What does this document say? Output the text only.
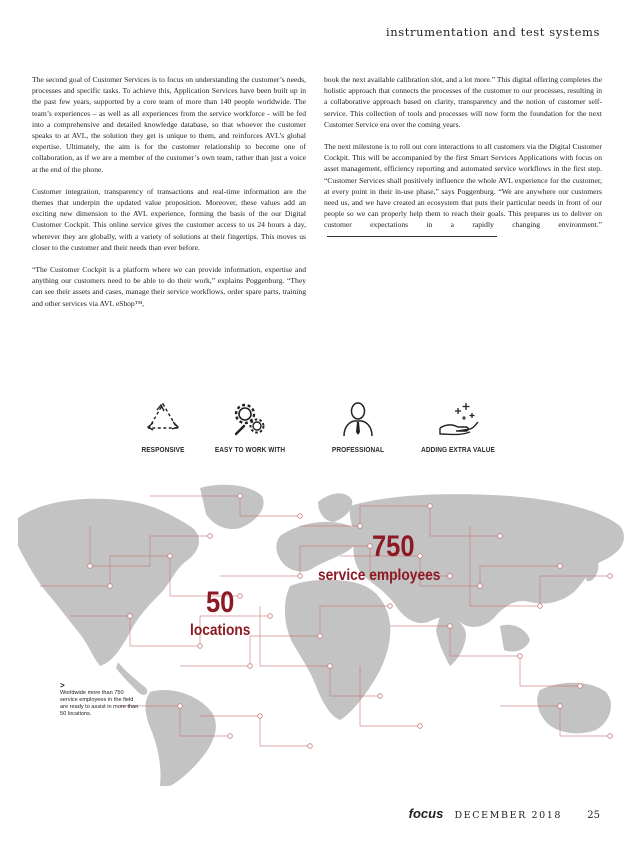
instrumentation and test systems

The second goal of Customer Services is to focus on understanding the customer’s needs, processes and specific tasks. To achieve this, Application Services have been built up in the past few years, supported by a core team of more than 140 people worldwide. The team’s experiences – as well as all experiences from the service workforce - will be fed into a comprehensive and detailed knowledge database, so that whoever the customer speaks to at AVL, the solution they get is unique to them, and reinforces AVL’s global expertise. Ultimately, the aim is for the customer relationship to become one of collaboration, as if we are a member of the customer’s own team, rather than just a voice at the end of the phone.

Customer integration, transparency of transactions and real-time information are the themes that underpin the updated value proposition. Moreover, these values add an exciting new dimension to the AVL experience, forming the basis of the our Digital Customer Cockpit. This online service gives the customer access to us 24 hours a day, wherever they are globally, with a variety of solutions at their fingertips. This moves us closer to the customer and their needs than ever before.

“The Customer Cockpit is a platform where we can provide information, expertise and anything our customers need to be able to do their work,” explains Poggenburg. “They can see their assets and cases, manage their service workflows, order spare parts, training and other services via AVL eShop™,

book the next available calibration slot, and a lot more.” This digital offering completes the holistic approach that connects the processes of the customer to our processes, resulting in a collaborative approach based on clarity, transparency and the notion of customer self-service. This collection of tools and processes will now form the foundation for the next Customer Service era over the coming years.

The next milestone is to roll out core interactions to all customers via the Digital Customer Cockpit. This will be accompanied by the first Smart Services Applications with focus on asset management, efficiency reporting and automated service workflows in the first step. “Customer Services shall positively influence the whole AVL experience for the customer, at every point in their in-use phase,” says Poggenburg. “We are anywhere our customers need us, and we have created an ecosystem that puts their particular needs in front of our people so we can properly help them to reach their goals. This prepares us to deliver on customer expectations in a rapidly changing environment.”

RESPONSIVE	EASY TO WORK WITH	PROFESSIONAL	ADDING EXTRA VALUE
750
service employees
50
locations
>
Worldwide more than 750 service employees in the field are ready to assist in more than 50 locations.
focus DECEMBER 2018	25
